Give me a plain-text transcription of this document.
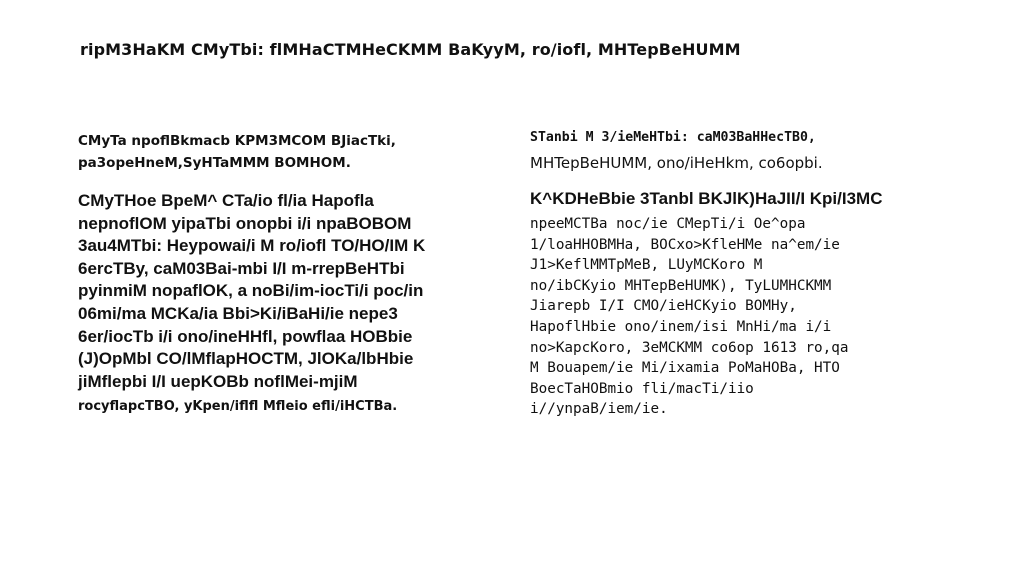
ripM3HaKM CMyTbi: flMHaCTMHeCKMM BaKyyM, ro/iofl, MHTepBeHUMM

CMyTa npoflBkmacb KPM3MCOM BJiacTki,
pa3opeHneM,SyHTaMMM BOMHOM.

CMyTHoe BpeM^ CTa/io fl/ia Hapofla
nepnoflOM yipaTbi onopbi i/i npaBOBOM
3au4MTbi: Heypowai/i M ro/iofl TO/HO/IM K
6ercTBy, caM03Bai-mbi I/I m-rrepBeHTbi
pyinmiM nopaflOK, a noBi/im-iocTi/i poc/in
06mi/ma MCKa/ia Bbi>Ki/iBaHi/ie nepe3
6er/iocTb i/i ono/ineHHfl, powflaa HOBbie
(J)OpMbl CO/lMflapHOCTM, JlOKa/lbHbie
jiMflepbi I/I uepKOBb noflMei-mjiM

rocyflapcTBO, yKpen/iflfl Mfleio efli/iHCTBa.

STanbi M 3/ieMeHTbi: caM03BaHHecTB0,

MHTepBeHUMM, ono/iHeHkm, co6opbi.

K^KDHeBbie 3Tanbl BKJlK)HaJII/I Kpi/I3MC

npeeMCTBa noc/ie CMepTi/i Oe^opa
1/loaHHOBMHa, BOCxo>KfleHMe na^em/ie
J1>KeflMMTpMeB, LUyMCKoro M
no/ibCKyio MHTepBeHUMK), TyLUMHCKMM
Jiarepb I/I CMO/ieHCKyio BOMHy,
HapoflHbie ono/inem/isi MnHi/ma i/i
no>KapcKoro, 3eMCKMM co6op 1613 ro,qa
M Bouapem/ie Mi/ixamia PoMaHOBa, HTO
BoecTaHOBmio fli/macTi/iio
i//ynpaB/iem/ie.
